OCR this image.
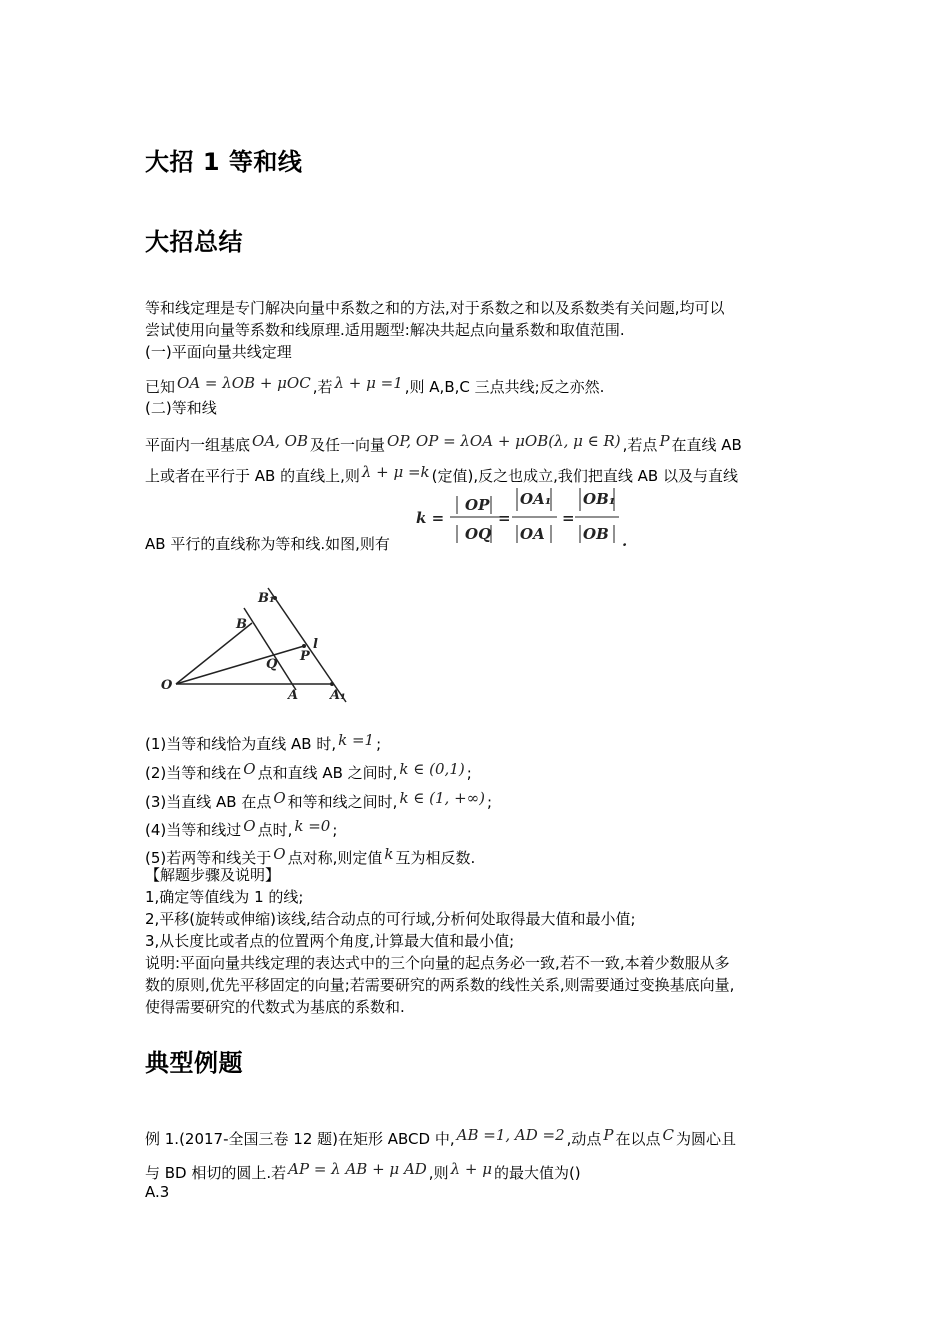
大招 1 等和线
大招总结
等和线定理是专门解决向量中系数之和的方法,对于系数之和以及系数类有关问题,均可以
尝试使用向量等系数和线原理.适用题型:解决共起点向量系数和取值范围.
(一)平面向量共线定理
已知 OA = λOB + μOC ,若 λ + μ =1 ,则 A,B,C 三点共线;反之亦然.
(二)等和线
平面内一组基底 OA, OB 及任一向量 OP, OP = λOA + μOB(λ, μ ∈ R) ,若点 P 在直线 AB
上或者在平行于 AB 的直线上,则 λ + μ =k (定值),反之也成立,我们把直线 AB 以及与直线
AB 平行的直线称为等和线.如图,则有
k =
OP
OQ
=
OA₁
OA
=
OB₁
OB .
B₁
B
l
P
Q
O
A A₁
(1)当等和线恰为直线 AB 时, k =1 ;
(2)当等和线在 O 点和直线 AB 之间时, k ∈ (0,1) ;
(3)当直线 AB 在点 O 和等和线之间时, k ∈ (1, +∞) ;
(4)当等和线过 O 点时, k =0 ;
(5)若两等和线关于 O 点对称,则定值 k 互为相反数.
【解题步骤及说明】
1,确定等值线为 1 的线;
2,平移(旋转或伸缩)该线,结合动点的可行域,分析何处取得最大值和最小值;
3,从长度比或者点的位置两个角度,计算最大值和最小值;
说明:平面向量共线定理的表达式中的三个向量的起点务必一致,若不一致,本着少数服从多
数的原则,优先平移固定的向量;若需要研究的两系数的线性关系,则需要通过变换基底向量,
使得需要研究的代数式为基底的系数和.
典型例题
例 1.(2017-全国三卷 12 题)在矩形 ABCD 中, AB =1, AD =2 ,动点 P 在以点 C 为圆心且
与 BD 相切的圆上.若 AP = λ AB + μ AD ,则 λ + μ 的最大值为()
A.3
